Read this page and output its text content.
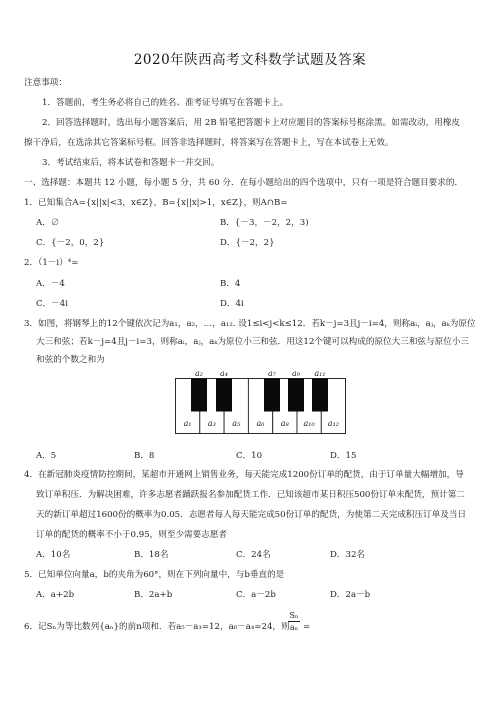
2020年陕西高考文科数学试题及答案
注意事项：
1．答题前，考生务必将自己的姓名、准考证号填写在答题卡上。
2．回答选择题时，选出每小题答案后，用 2B 铅笔把答题卡上对应题目的答案标号框涂黑。如需改动，用橡皮
擦干净后，在选涂其它答案标号框。回答非选择题时，将答案写在答题卡上，写在本试卷上无效。
3．考试结束后，将本试卷和答题卡一并交回。
一、选择题：本题共 12 小题，每小题 5 分，共 60 分．在每小题给出的四个选项中，只有一项是符合题目要求的．
1．已知集合A={x||x|<3，x∈Z}，B={x||x|>1，x∈Z}，则A∩B=
A．∅	B．{－3，－2，2，3)
C．{－2，0，2}	D．{－2，2}
2．（1－i）⁴=
A．－4	B．4
C．－4i	D．4i
3．如图，将钢琴上的12个键依次记为a₁，a₂，…，a₁₂. 设1≤i<j<k≤12．若k－j=3且j－i=4，则称aᵢ，aⱼ，aₖ为原位
大三和弦；若k－j=4且j－i=3，则称aᵢ，aⱼ，aₖ为原位小三和弦．用这12个键可以构成的原位大三和弦与原位小三
和弦的个数之和为
a₂ a₄	a₇ a₉ a₁₁
a₁ a₃ a₅ a₆ a₈ a₁₀ a₁₂
A．5	B．8	C．10	D．15
4．在新冠肺炎疫情防控期间，某超市开通网上销售业务，每天能完成1200份订单的配货，由于订单量大幅增加，导
致订单积压．为解决困难，许多志愿者踊跃报名参加配货工作．已知该超市某日积压500份订单未配货，预计第二
天的新订单超过1600份的概率为0.05．志愿者每人每天能完成50份订单的配货，为使第二天完成积压订单及当日
订单的配货的概率不小于0.95，则至少需要志愿者
A．10名	B．18名	C．24名	D．32名
5．已知单位向量a，b的夹角为60°，则在下列向量中，与b垂直的是
A．a+2b	B．2a+b	C．a－2b	D．2a－b
6．记Sₙ为等比数列{aₙ}的前n项和．若a₅－a₃=12，a₆－a₄=24，则
Sₙ
aₙ =
